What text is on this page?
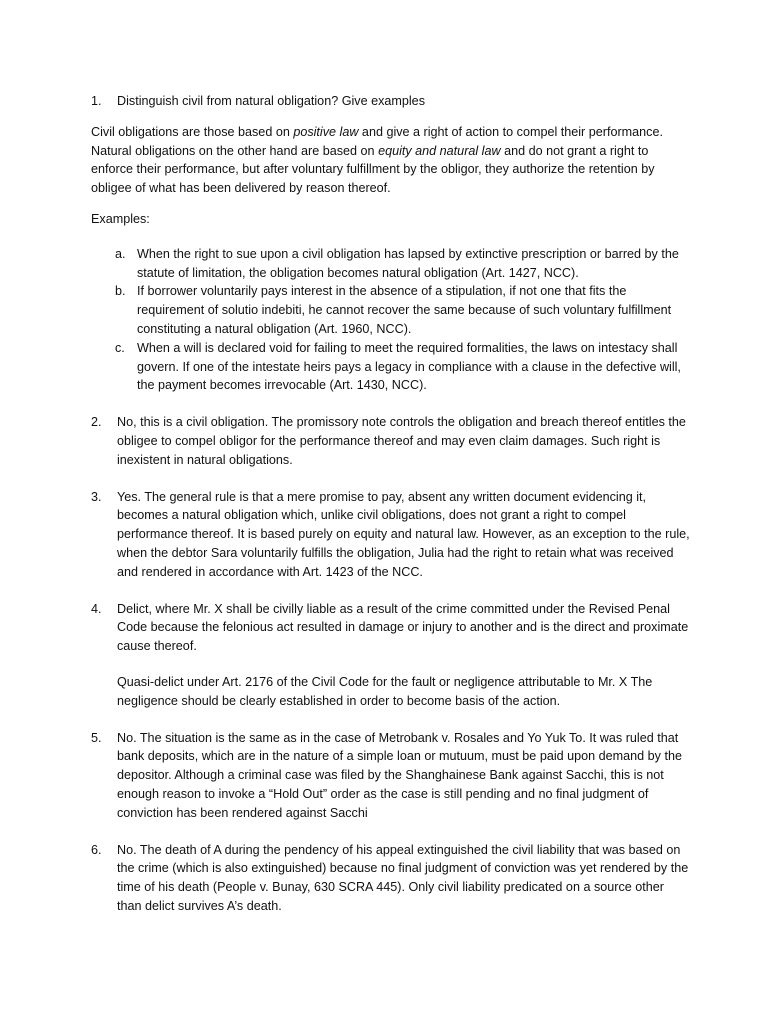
1.	Distinguish civil from natural obligation? Give examples

Civil obligations are those based on positive law and give a right of action to compel their performance. Natural obligations on the other hand are based on equity and natural law and do not grant a right to enforce their performance, but after voluntary fulfillment by the obligor, they authorize the retention by obligee of what has been delivered by reason thereof.

Examples:

a. When the right to sue upon a civil obligation has lapsed by extinctive prescription or barred by the statute of limitation, the obligation becomes natural obligation (Art. 1427, NCC).
b. If borrower voluntarily pays interest in the absence of a stipulation, if not one that fits the requirement of solutio indebiti, he cannot recover the same because of such voluntary fulfillment constituting a natural obligation (Art. 1960, NCC).
c. When a will is declared void for failing to meet the required formalities, the laws on intestacy shall govern. If one of the intestate heirs pays a legacy in compliance with a clause in the defective will, the payment becomes irrevocable (Art. 1430, NCC).
2.	No, this is a civil obligation. The promissory note controls the obligation and breach thereof entitles the obligee to compel obligor for the performance thereof and may even claim damages. Such right is inexistent in natural obligations.
3.	Yes. The general rule is that a mere promise to pay, absent any written document evidencing it, becomes a natural obligation which, unlike civil obligations, does not grant a right to compel performance thereof. It is based purely on equity and natural law. However, as an exception to the rule, when the debtor Sara voluntarily fulfills the obligation, Julia had the right to retain what was received and rendered in accordance with Art. 1423 of the NCC.
4.	Delict, where Mr. X shall be civilly liable as a result of the crime committed under the Revised Penal Code because the felonious act resulted in damage or injury to another and is the direct and proximate cause thereof.
Quasi-delict under Art. 2176 of the Civil Code for the fault or negligence attributable to Mr. X The negligence should be clearly established in order to become basis of the action.
5.	No. The situation is the same as in the case of Metrobank v. Rosales and Yo Yuk To. It was ruled that bank deposits, which are in the nature of a simple loan or mutuum, must be paid upon demand by the depositor. Although a criminal case was filed by the Shanghainese Bank against Sacchi, this is not enough reason to invoke a “Hold Out” order as the case is still pending and no final judgment of conviction has been rendered against Sacchi
6.	No. The death of A during the pendency of his appeal extinguished the civil liability that was based on the crime (which is also extinguished) because no final judgment of conviction was yet rendered by the time of his death (People v. Bunay, 630 SCRA 445). Only civil liability predicated on a source other than delict survives A’s death.
